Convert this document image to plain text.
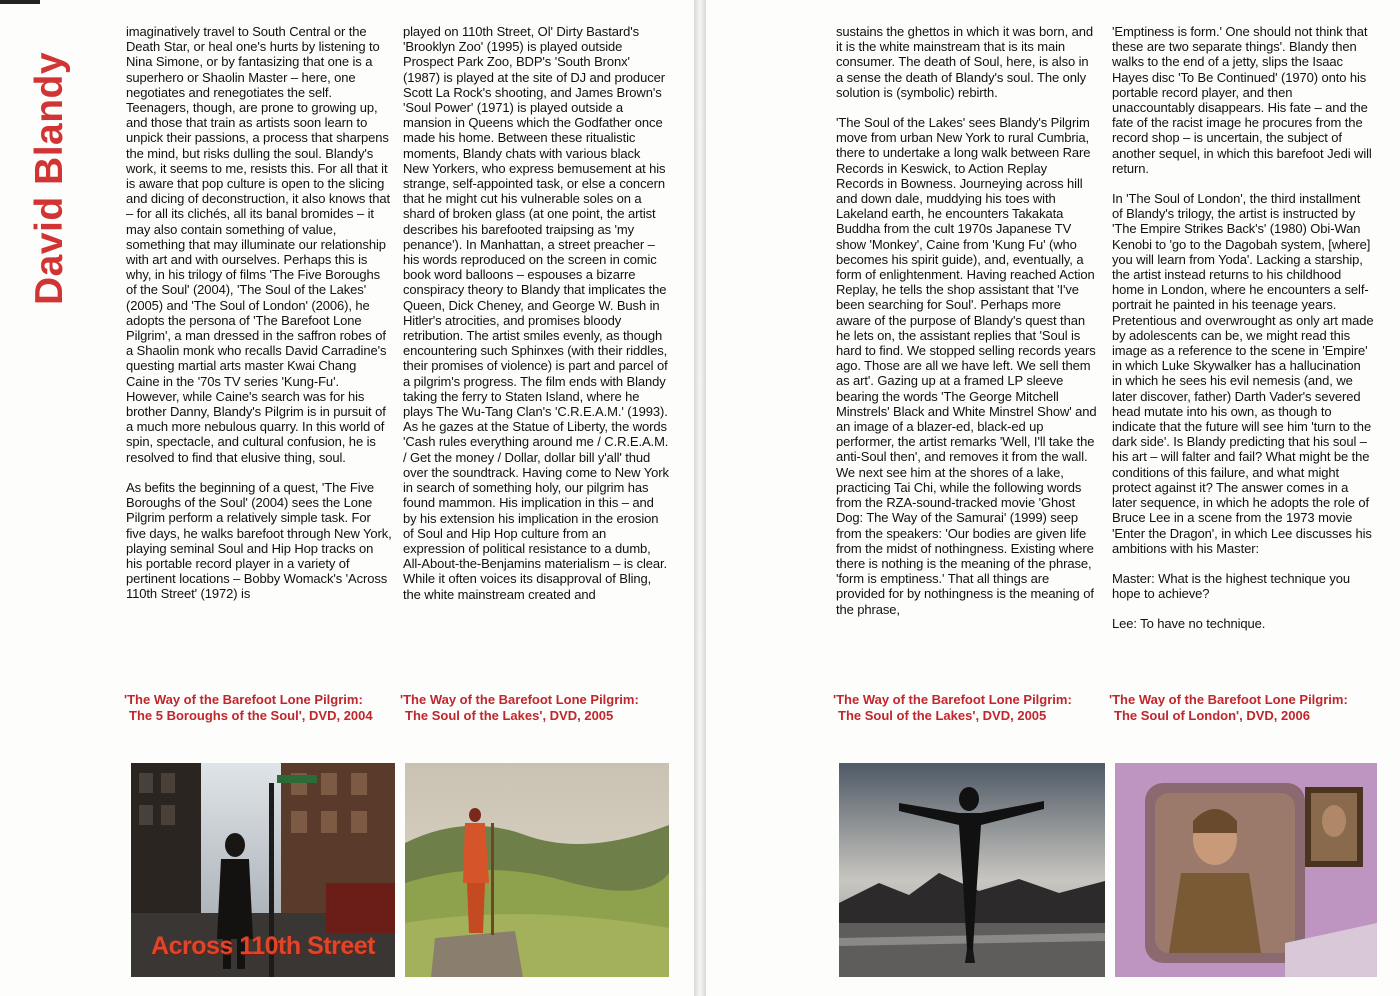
David Blandy

imaginatively travel to South Central or the Death Star, or heal one's hurts by listening to Nina Simone, or by fantasizing that one is a superhero or Shaolin Master – here, one negotiates and renegotiates the self. Teenagers, though, are prone to growing up, and those that train as artists soon learn to unpick their passions, a process that sharpens the mind, but risks dulling the soul. Blandy's work, it seems to me, resists this. For all that it is aware that pop culture is open to the slicing and dicing of deconstruction, it also knows that – for all its clichés, all its banal bromides – it may also contain something of value, something that may illuminate our relationship with art and with ourselves. Perhaps this is why, in his trilogy of films 'The Five Boroughs of the Soul' (2004), 'The Soul of the Lakes' (2005) and 'The Soul of London' (2006), he adopts the persona of 'The Barefoot Lone Pilgrim', a man dressed in the saffron robes of a Shaolin monk who recalls David Carradine's questing martial arts master Kwai Chang Caine in the '70s TV series 'Kung-Fu'. However, while Caine's search was for his brother Danny, Blandy's Pilgrim is in pursuit of a much more nebulous quarry. In this world of spin, spectacle, and cultural confusion, he is resolved to find that elusive thing, soul.

As befits the beginning of a quest, 'The Five Boroughs of the Soul' (2004) sees the Lone Pilgrim perform a relatively simple task. For five days, he walks barefoot through New York, playing seminal Soul and Hip Hop tracks on his portable record player in a variety of pertinent locations – Bobby Womack's 'Across 110th Street' (1972) is

played on 110th Street, Ol' Dirty Bastard's 'Brooklyn Zoo' (1995) is played outside Prospect Park Zoo, BDP's 'South Bronx' (1987) is played at the site of DJ and producer Scott La Rock's shooting, and James Brown's 'Soul Power' (1971) is played outside a mansion in Queens which the Godfather once made his home. Between these ritualistic moments, Blandy chats with various black New Yorkers, who express bemusement at his strange, self-appointed task, or else a concern that he might cut his vulnerable soles on a shard of broken glass (at one point, the artist describes his barefooted traipsing as 'my penance'). In Manhattan, a street preacher – his words reproduced on the screen in comic book word balloons – espouses a bizarre conspiracy theory to Blandy that implicates the Queen, Dick Cheney, and George W. Bush in Hitler's atrocities, and promises bloody retribution. The artist smiles evenly, as though encountering such Sphinxes (with their riddles, their promises of violence) is part and parcel of a pilgrim's progress. The film ends with Blandy taking the ferry to Staten Island, where he plays The Wu-Tang Clan's 'C.R.E.A.M.' (1993). As he gazes at the Statue of Liberty, the words 'Cash rules everything around me / C.R.E.A.M. / Get the money / Dollar, dollar bill y'all' thud over the soundtrack. Having come to New York in search of something holy, our pilgrim has found mammon. His implication in this – and by his extension his implication in the erosion of Soul and Hip Hop culture from an expression of political resistance to a dumb, All-About-the-Benjamins materialism – is clear. While it often voices its disapproval of Bling, the white mainstream created and

'The Way of the Barefoot Lone Pilgrim:
The 5 Boroughs of the Soul', DVD, 2004
'The Way of the Barefoot Lone Pilgrim:
The Soul of the Lakes', DVD, 2005
Across 110th Street

sustains the ghettos in which it was born, and it is the white mainstream that is its main consumer. The death of Soul, here, is also in a sense the death of Blandy's soul. The only solution is (symbolic) rebirth.

'The Soul of the Lakes' sees Blandy's Pilgrim move from urban New York to rural Cumbria, there to undertake a long walk between Rare Records in Keswick, to Action Replay Records in Bowness. Journeying across hill and down dale, muddying his toes with Lakeland earth, he encounters Takakata Buddha from the cult 1970s Japanese TV show 'Monkey', Caine from 'Kung Fu' (who becomes his spirit guide), and, eventually, a form of enlightenment. Having reached Action Replay, he tells the shop assistant that 'I've been searching for Soul'. Perhaps more aware of the purpose of Blandy's quest than he lets on, the assistant replies that 'Soul is hard to find. We stopped selling records years ago. Those are all we have left. We sell them as art'. Gazing up at a framed LP sleeve bearing the words 'The George Mitchell Minstrels' Black and White Minstrel Show' and an image of a blazer-ed, black-ed up performer, the artist remarks 'Well, I'll take the anti-Soul then', and removes it from the wall. We next see him at the shores of a lake, practicing Tai Chi, while the following words from the RZA-sound-tracked movie 'Ghost Dog: The Way of the Samurai' (1999) seep from the speakers: 'Our bodies are given life from the midst of nothingness. Existing where there is nothing is the meaning of the phrase, 'form is emptiness.' That all things are provided for by nothingness is the meaning of the phrase,

'Emptiness is form.' One should not think that these are two separate things'. Blandy then walks to the end of a jetty, slips the Isaac Hayes disc 'To Be Continued' (1970) onto his portable record player, and then unaccountably disappears. His fate – and the fate of the racist image he procures from the record shop – is uncertain, the subject of another sequel, in which this barefoot Jedi will return.

In 'The Soul of London', the third installment of Blandy's trilogy, the artist is instructed by 'The Empire Strikes Back's' (1980) Obi-Wan Kenobi to 'go to the Dagobah system, [where] you will learn from Yoda'. Lacking a starship, the artist instead returns to his childhood home in London, where he encounters a self-portrait he painted in his teenage years. Pretentious and overwrought as only art made by adolescents can be, we might read this image as a reference to the scene in 'Empire' in which Luke Skywalker has a hallucination in which he sees his evil nemesis (and, we later discover, father) Darth Vader's severed head mutate into his own, as though to indicate that the future will see him 'turn to the dark side'. Is Blandy predicting that his soul – his art – will falter and fail? What might be the conditions of this failure, and what might protect against it? The answer comes in a later sequence, in which he adopts the role of Bruce Lee in a scene from the 1973 movie 'Enter the Dragon', in which Lee discusses his ambitions with his Master:

Master: What is the highest technique you hope to achieve?

Lee: To have no technique.

'The Way of the Barefoot Lone Pilgrim:
The Soul of the Lakes', DVD, 2005
'The Way of the Barefoot Lone Pilgrim:
The Soul of London', DVD, 2006
